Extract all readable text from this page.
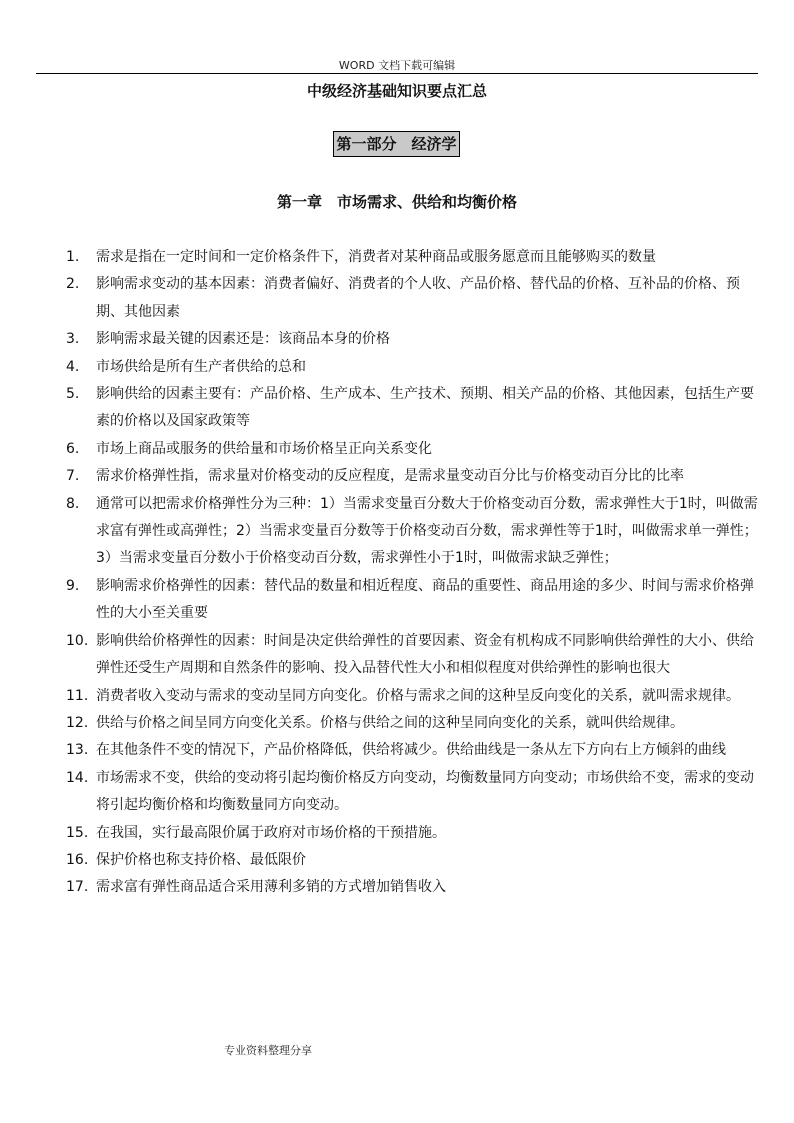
WORD 文档下载可编辑
中级经济基础知识要点汇总
第一部分　经济学
第一章　市场需求、供给和均衡价格
1.	需求是指在一定时间和一定价格条件下，消费者对某种商品或服务愿意而且能够购买的数量
2.	影响需求变动的基本因素：消费者偏好、消费者的个人收、产品价格、替代品的价格、互补品的价格、预期、其他因素
3.	影响需求最关键的因素还是：该商品本身的价格
4.	市场供给是所有生产者供给的总和
5.	影响供给的因素主要有：产品价格、生产成本、生产技术、预期、相关产品的价格、其他因素，包括生产要素的价格以及国家政策等
6.	市场上商品或服务的供给量和市场价格呈正向关系变化
7.	需求价格弹性指，需求量对价格变动的反应程度，是需求量变动百分比与价格变动百分比的比率
8.	通常可以把需求价格弹性分为三种：1）当需求变量百分数大于价格变动百分数，需求弹性大于1时，叫做需求富有弹性或高弹性；2）当需求变量百分数等于价格变动百分数，需求弹性等于1时，叫做需求单一弹性；3）当需求变量百分数小于价格变动百分数，需求弹性小于1时，叫做需求缺乏弹性；
9.	影响需求价格弹性的因素：替代品的数量和相近程度、商品的重要性、商品用途的多少、时间与需求价格弹性的大小至关重要
10. 影响供给价格弹性的因素：时间是决定供给弹性的首要因素、资金有机构成不同影响供给弹性的大小、供给弹性还受生产周期和自然条件的影响、投入品替代性大小和相似程度对供给弹性的影响也很大
11. 消费者收入变动与需求的变动呈同方向变化。价格与需求之间的这种呈反向变化的关系，就叫需求规律。
12. 供给与价格之间呈同方向变化关系。价格与供给之间的这种呈同向变化的关系，就叫供给规律。
13. 在其他条件不变的情况下，产品价格降低，供给将减少。供给曲线是一条从左下方向右上方倾斜的曲线
14. 市场需求不变，供给的变动将引起均衡价格反方向变动，均衡数量同方向变动；市场供给不变，需求的变动将引起均衡价格和均衡数量同方向变动。
15. 在我国，实行最高限价属于政府对市场价格的干预措施。
16. 保护价格也称支持价格、最低限价
17. 需求富有弹性商品适合采用薄利多销的方式增加销售收入
专业资料整理分享
